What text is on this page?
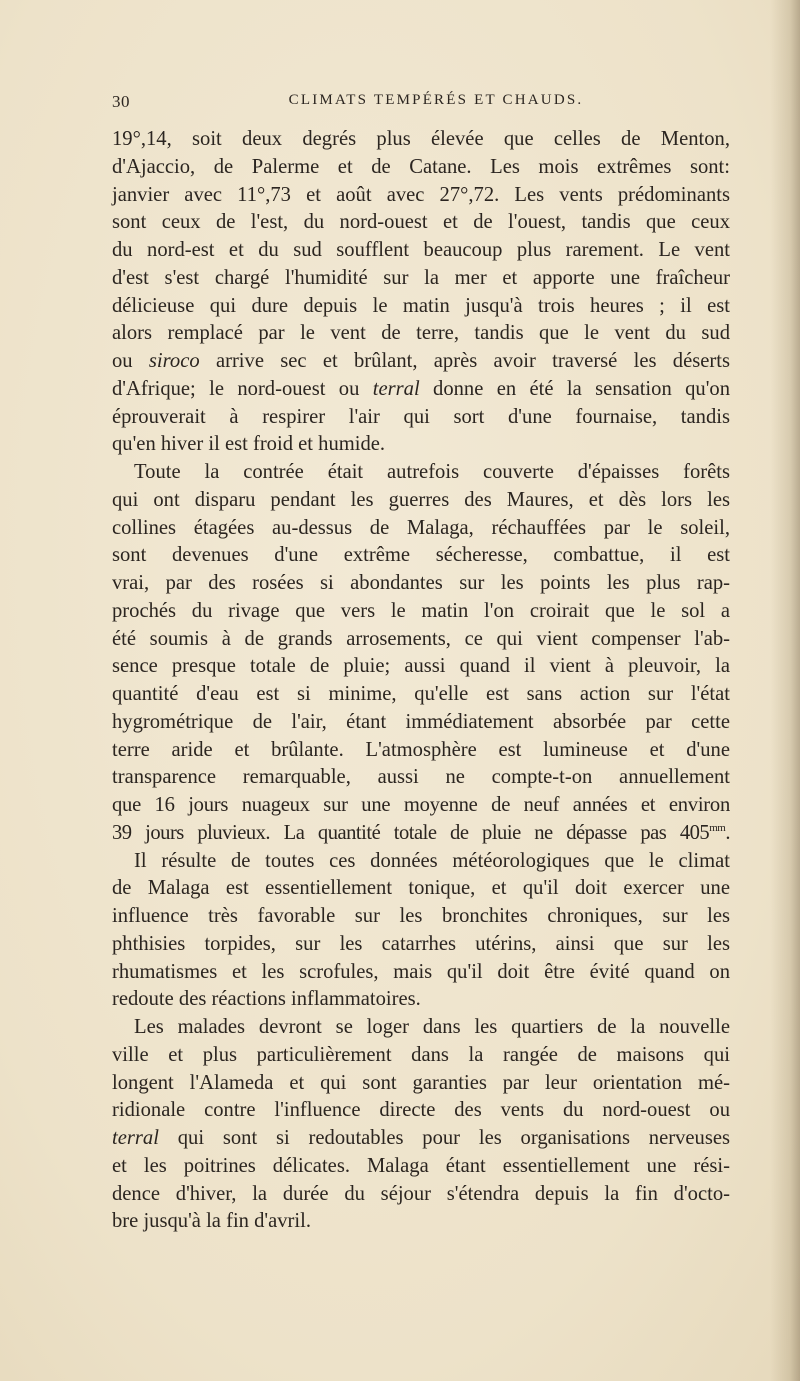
30	CLIMATS TEMPÉRÉS ET CHAUDS.
19°,14, soit deux degrés plus élevée que celles de Menton,
d'Ajaccio, de Palerme et de Catane. Les mois extrêmes sont:
janvier avec 11°,73 et août avec 27°,72. Les vents prédominants
sont ceux de l'est, du nord-ouest et de l'ouest, tandis que ceux
du nord-est et du sud soufflent beaucoup plus rarement. Le vent
d'est s'est chargé l'humidité sur la mer et apporte une fraîcheur
délicieuse qui dure depuis le matin jusqu'à trois heures ; il est
alors remplacé par le vent de terre, tandis que le vent du sud
ou siroco arrive sec et brûlant, après avoir traversé les déserts
d'Afrique; le nord-ouest ou terral donne en été la sensation qu'on
éprouverait à respirer l'air qui sort d'une fournaise, tandis
qu'en hiver il est froid et humide.
Toute la contrée était autrefois couverte d'épaisses forêts
qui ont disparu pendant les guerres des Maures, et dès lors les
collines étagées au-dessus de Malaga, réchauffées par le soleil,
sont devenues d'une extrême sécheresse, combattue, il est
vrai, par des rosées si abondantes sur les points les plus rap-
prochés du rivage que vers le matin l'on croirait que le sol a
été soumis à de grands arrosements, ce qui vient compenser l'ab-
sence presque totale de pluie; aussi quand il vient à pleuvoir, la
quantité d'eau est si minime, qu'elle est sans action sur l'état
hygrométrique de l'air, étant immédiatement absorbée par cette
terre aride et brûlante. L'atmosphère est lumineuse et d'une
transparence remarquable, aussi ne compte-t-on annuellement
que 16 jours nuageux sur une moyenne de neuf années et environ
39 jours pluvieux. La quantité totale de pluie ne dépasse pas $405^{mm}$.
Il résulte de toutes ces données météorologiques que le climat
de Malaga est essentiellement tonique, et qu'il doit exercer une
influence très favorable sur les bronchites chroniques, sur les
phthisies torpides, sur les catarrhes utérins, ainsi que sur les
rhumatismes et les scrofules, mais qu'il doit être évité quand on
redoute des réactions inflammatoires.
Les malades devront se loger dans les quartiers de la nouvelle
ville et plus particulièrement dans la rangée de maisons qui
longent l'Alameda et qui sont garanties par leur orientation mé-
ridionale contre l'influence directe des vents du nord-ouest ou
terral qui sont si redoutables pour les organisations nerveuses
et les poitrines délicates. Malaga étant essentiellement une rési-
dence d'hiver, la durée du séjour s'étendra depuis la fin d'octo-
bre jusqu'à la fin d'avril.
